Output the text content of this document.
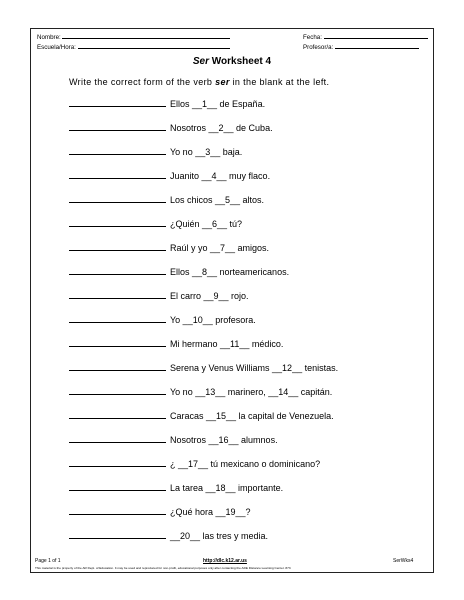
Nombre:	Fecha:
Escuela/Hora:	Profesor/a:
Ser Worksheet 4
Write the correct form of the verb ser in the blank at the left.
Ellos __1__ de España.
Nosotros __2__ de Cuba.
Yo no __3__ baja.
Juanito __4__ muy flaco.
Los chicos __5__ altos.
¿Quién __6__ tú?
Raúl y yo __7__ amigos.
Ellos __8__ norteamericanos.
El carro __9__ rojo.
Yo __10__ profesora.
Mi hermano __11__ médico.
Serena y Venus Williams __12__ tenistas.
Yo no __13__ marinero, __14__ capitán.
Caracas __15__ la capital de Venezuela.
Nosotros __16__ alumnos.
¿ __17__ tú mexicano o dominicano?
La tarea __18__ importante.
¿Qué hora __19__?
__20__ las tres y media.
Page 1 of 1	http://dlc.k12.ar.us	SerWks4
This material is the property of the AR Dept. of Education. It may be used and reproduced for non-profit, educational purposes only after contacting the ADE Distance Learning Center. 873
